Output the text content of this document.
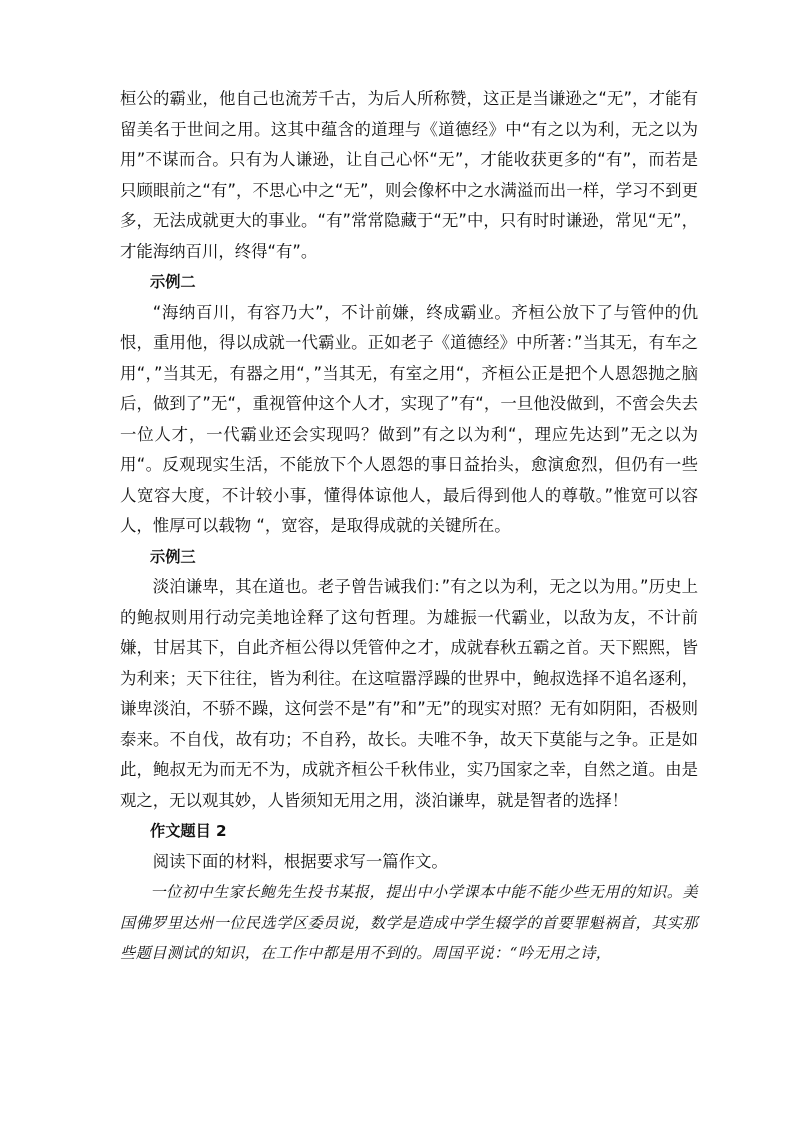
桓公的霸业，他自己也流芳千古，为后人所称赞，这正是当谦逊之“无”，才能有留美名于世间之用。这其中蕴含的道理与《道德经》中“有之以为利，无之以为用”不谋而合。只有为人谦逊，让自己心怀“无”，才能收获更多的“有”，而若是只顾眼前之“有”，不思心中之“无”，则会像杯中之水满溢而出一样，学习不到更多，无法成就更大的事业。“有”常常隐藏于“无”中，只有时时谦逊，常见“无”，才能海纳百川，终得“有”。

示例二

“海纳百川，有容乃大”，不计前嫌，终成霸业。齐桓公放下了与管仲的仇恨，重用他，得以成就一代霸业。正如老子《道德经》中所著：”当其无，有车之用“，”当其无，有器之用“，”当其无，有室之用“，齐桓公正是把个人恩怨抛之脑后，做到了”无“，重视管仲这个人才，实现了”有“，一旦他没做到，不啻会失去一位人才，一代霸业还会实现吗？做到”有之以为利“，理应先达到”无之以为用“。反观现实生活，不能放下个人恩怨的事日益抬头，愈演愈烈，但仍有一些人宽容大度，不计较小事，懂得体谅他人，最后得到他人的尊敬。”惟宽可以容人，惟厚可以载物 “，宽容，是取得成就的关键所在。

示例三

淡泊谦卑，其在道也。老子曾告诫我们：”有之以为利，无之以为用。”历史上的鲍叔则用行动完美地诠释了这句哲理。为雄振一代霸业，以敌为友，不计前嫌，甘居其下，自此齐桓公得以凭管仲之才，成就春秋五霸之首。天下熙熙，皆为利来；天下往往，皆为利往。在这喧嚣浮躁的世界中，鲍叔选择不追名逐利，谦卑淡泊，不骄不躁，这何尝不是”有”和”无”的现实对照？无有如阴阳，否极则泰来。不自伐，故有功；不自矜，故长。夫唯不争，故天下莫能与之争。正是如此，鲍叔无为而无不为，成就齐桓公千秋伟业，实乃国家之幸，自然之道。由是观之，无以观其妙，人皆须知无用之用，淡泊谦卑，就是智者的选择！

作文题目 2

阅读下面的材料，根据要求写一篇作文。

一位初中生家长鲍先生投书某报，提出中小学课本中能不能少些无用的知识。美国佛罗里达州一位民选学区委员说，数学是造成中学生辍学的首要罪魁祸首，其实那些题目测试的知识，在工作中都是用不到的。周国平说：“吟无用之诗，
